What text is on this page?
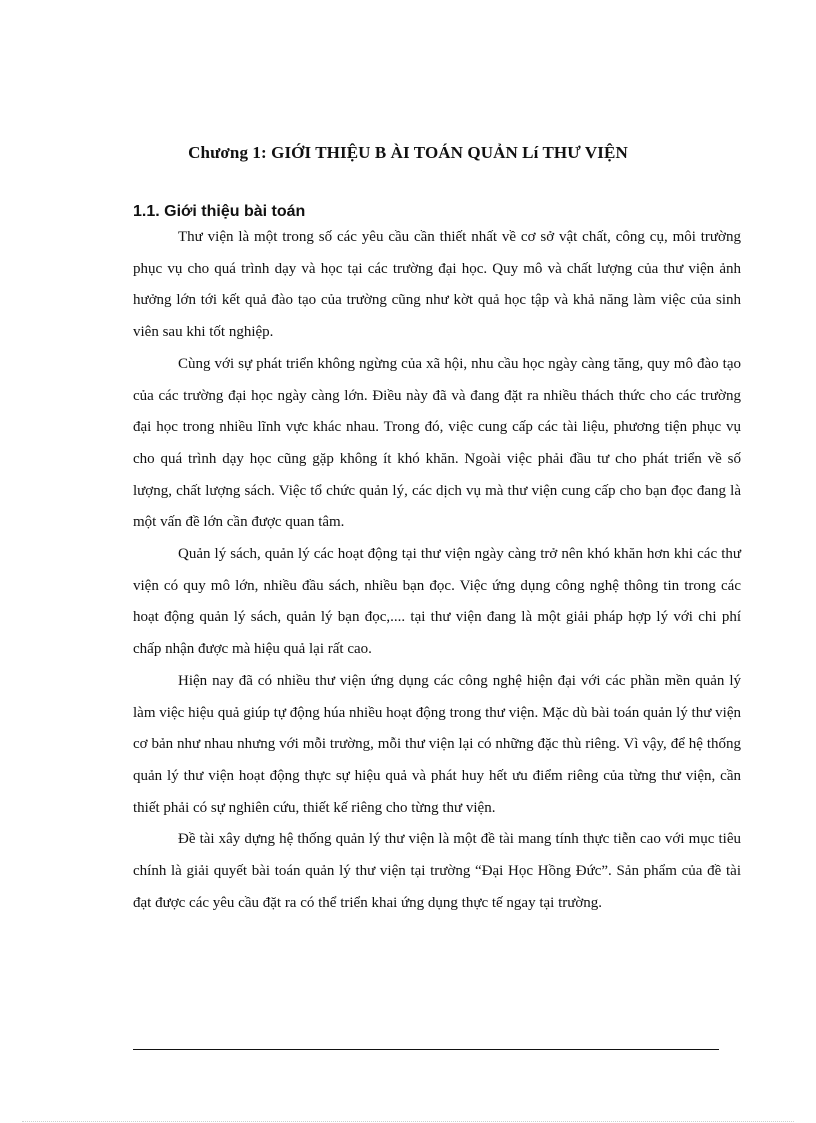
Chương 1: GIỚI THIỆU B ÀI TOÁN QUẢN Lí THƯ VIỆN
1.1. Giới thiệu bài toán

Thư viện là một trong số các yêu cầu cần thiết nhất về cơ sở vật chất, công cụ, môi trường phục vụ cho quá trình dạy và học tại các trường đại học. Quy mô và chất lượng của thư viện ảnh hưởng lớn tới kết quả đào tạo của trường cũng như kờt quả học tập và khả năng làm việc của sinh viên sau khi tốt nghiệp.

Cùng với sự phát triển không ngừng của xã hội, nhu cầu học ngày càng tăng, quy mô đào tạo của các trường đại học ngày càng lớn. Điều này đã và đang đặt ra nhiều thách thức cho các trường đại học trong nhiều lĩnh vực khác nhau. Trong đó, việc cung cấp các tài liệu, phương tiện phục vụ cho quá trình dạy học cũng gặp không ít khó khăn. Ngoài việc phải đầu tư cho phát triển về số lượng, chất lượng sách. Việc tổ chức quản lý, các dịch vụ mà thư viện cung cấp cho bạn đọc đang là một vấn đề lớn cần được quan tâm.

Quản lý sách, quản lý các hoạt động tại thư viện ngày càng trở nên khó khăn hơn khi các thư viện có quy mô lớn, nhiều đầu sách, nhiều bạn đọc. Việc ứng dụng công nghệ thông tin trong các hoạt động quản lý sách, quản lý bạn đọc,.... tại thư viện đang là một giải pháp hợp lý với chi phí chấp nhận được mà hiệu quả lại rất cao.

Hiện nay đã có nhiều thư viện ứng dụng các công nghệ hiện đại với các phần mền quản lý làm việc hiệu quả giúp tự động húa nhiều hoạt động trong thư viện. Mặc dù bài toán quản lý thư viện cơ bản như nhau nhưng với mỗi trường, mỗi thư viện lại có những đặc thù riêng. Vì vậy, để hệ thống quản lý thư viện hoạt động thực sự hiệu quả và phát huy hết ưu điểm riêng của từng thư viện, cần thiết phải có sự nghiên cứu, thiết kế riêng cho từng thư viện.

Đề tài xây dựng hệ thống quản lý thư viện là một đề tài mang tính thực tiễn cao với mục tiêu chính là giải quyết bài toán quản lý thư viện tại trường “Đại Học Hồng Đức”. Sản phẩm của đề tài đạt được các yêu cầu đặt ra có thể triển khai ứng dụng thực tế ngay tại trường.
